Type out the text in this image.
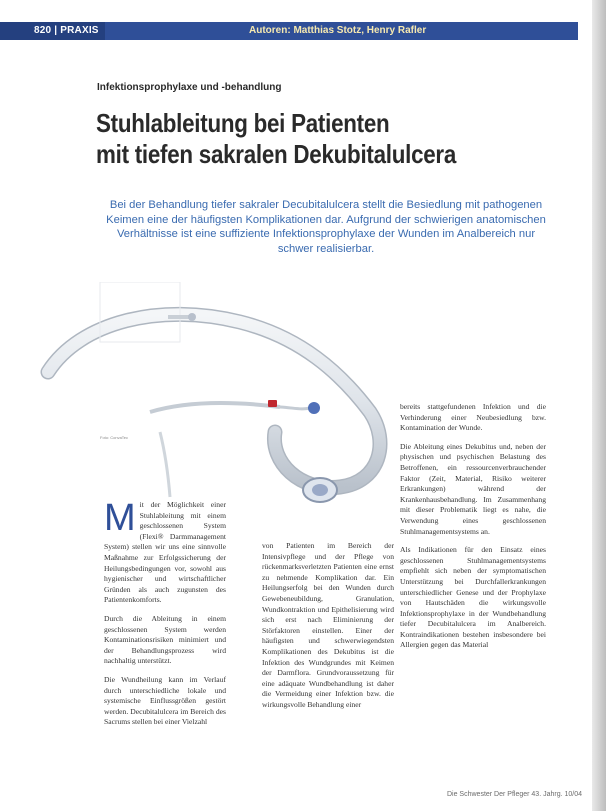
820 | PRAXIS	Autoren: Matthias Stotz, Henry Rafler
Infektionsprophylaxe und -behandlung
Stuhlableitung bei Patienten
mit tiefen sakralen Dekubitalulcera
Bei der Behandlung tiefer sakraler Decubitalulcera stellt die Besiedlung mit pathogenen Keimen eine der häufigsten Komplikationen dar. Aufgrund der schwierigen anatomischen Verhältnisse ist eine suffiziente Infektionsprophylaxe der Wunden im Analbereich nur schwer realisierbar.
Foto: ConvaTec

M it der Möglichkeit einer Stuhlableitung mit einem geschlossenen System (Flexi® Darmmanagement System) stellen wir uns eine sinnvolle Maßnahme zur Erfolgssicherung der Heilungsbedingungen vor, sowohl aus hygienischer und wirtschaftlicher Gründen als auch zugunsten des Patientenkomforts.

Durch die Ableitung in einem geschlossenen System werden Kontaminationsrisiken minimiert und der Behandlungsprozess wird nachhaltig unterstützt.

Die Wundheilung kann im Verlauf durch unterschiedliche lokale und systemische Einflussgrößen gestört werden. Decubitalulcera im Bereich des Sacrums stellen bei einer Vielzahl

von Patienten im Bereich der Intensivpflege und der Pflege von rückenmarksverletzten Patienten eine ernst zu nehmende Komplikation dar. Ein Heilungserfolg bei den Wunden durch Gewebeneubildung, Granulation, Wundkontraktion und Epithelisierung wird sich erst nach Eliminierung der Störfaktoren einstellen. Einer der häufigsten und schwerwiegendsten Komplikationen des Dekubitus ist die Infektion des Wundgrundes mit Keimen der Darmflora. Grundvoraussetzung für eine adäquate Wundbehandlung ist daher die Vermeidung einer Infektion bzw. die wirkungsvolle Behandlung einer

bereits stattgefundenen Infektion und die Verhinderung einer Neubesiedlung bzw. Kontamination der Wunde.

Die Ableitung eines Dekubitus und, neben der physischen und psychischen Belastung des Betroffenen, ein ressourcenverbrauchender Faktor (Zeit, Material, Risiko weiterer Erkrankungen) während der Krankenhausbehandlung. Im Zusammenhang mit dieser Problematik liegt es nahe, die Verwendung eines geschlossenen Stuhlmanagementsystems an.

Als Indikationen für den Einsatz eines geschlossenen Stuhlmanagementsystems empfiehlt sich neben der symptomatischen Unterstützung bei Durchfallerkrankungen unterschiedlicher Genese und der Prophylaxe von Hautschäden die wirkungsvolle Infektionsprophylaxe in der Wundbehandlung tiefer Decubitalulcera im Analbereich. Kontraindikationen bestehen insbesondere bei Allergien gegen das Material

Die Schwester Der Pfleger 43. Jahrg. 10/04
